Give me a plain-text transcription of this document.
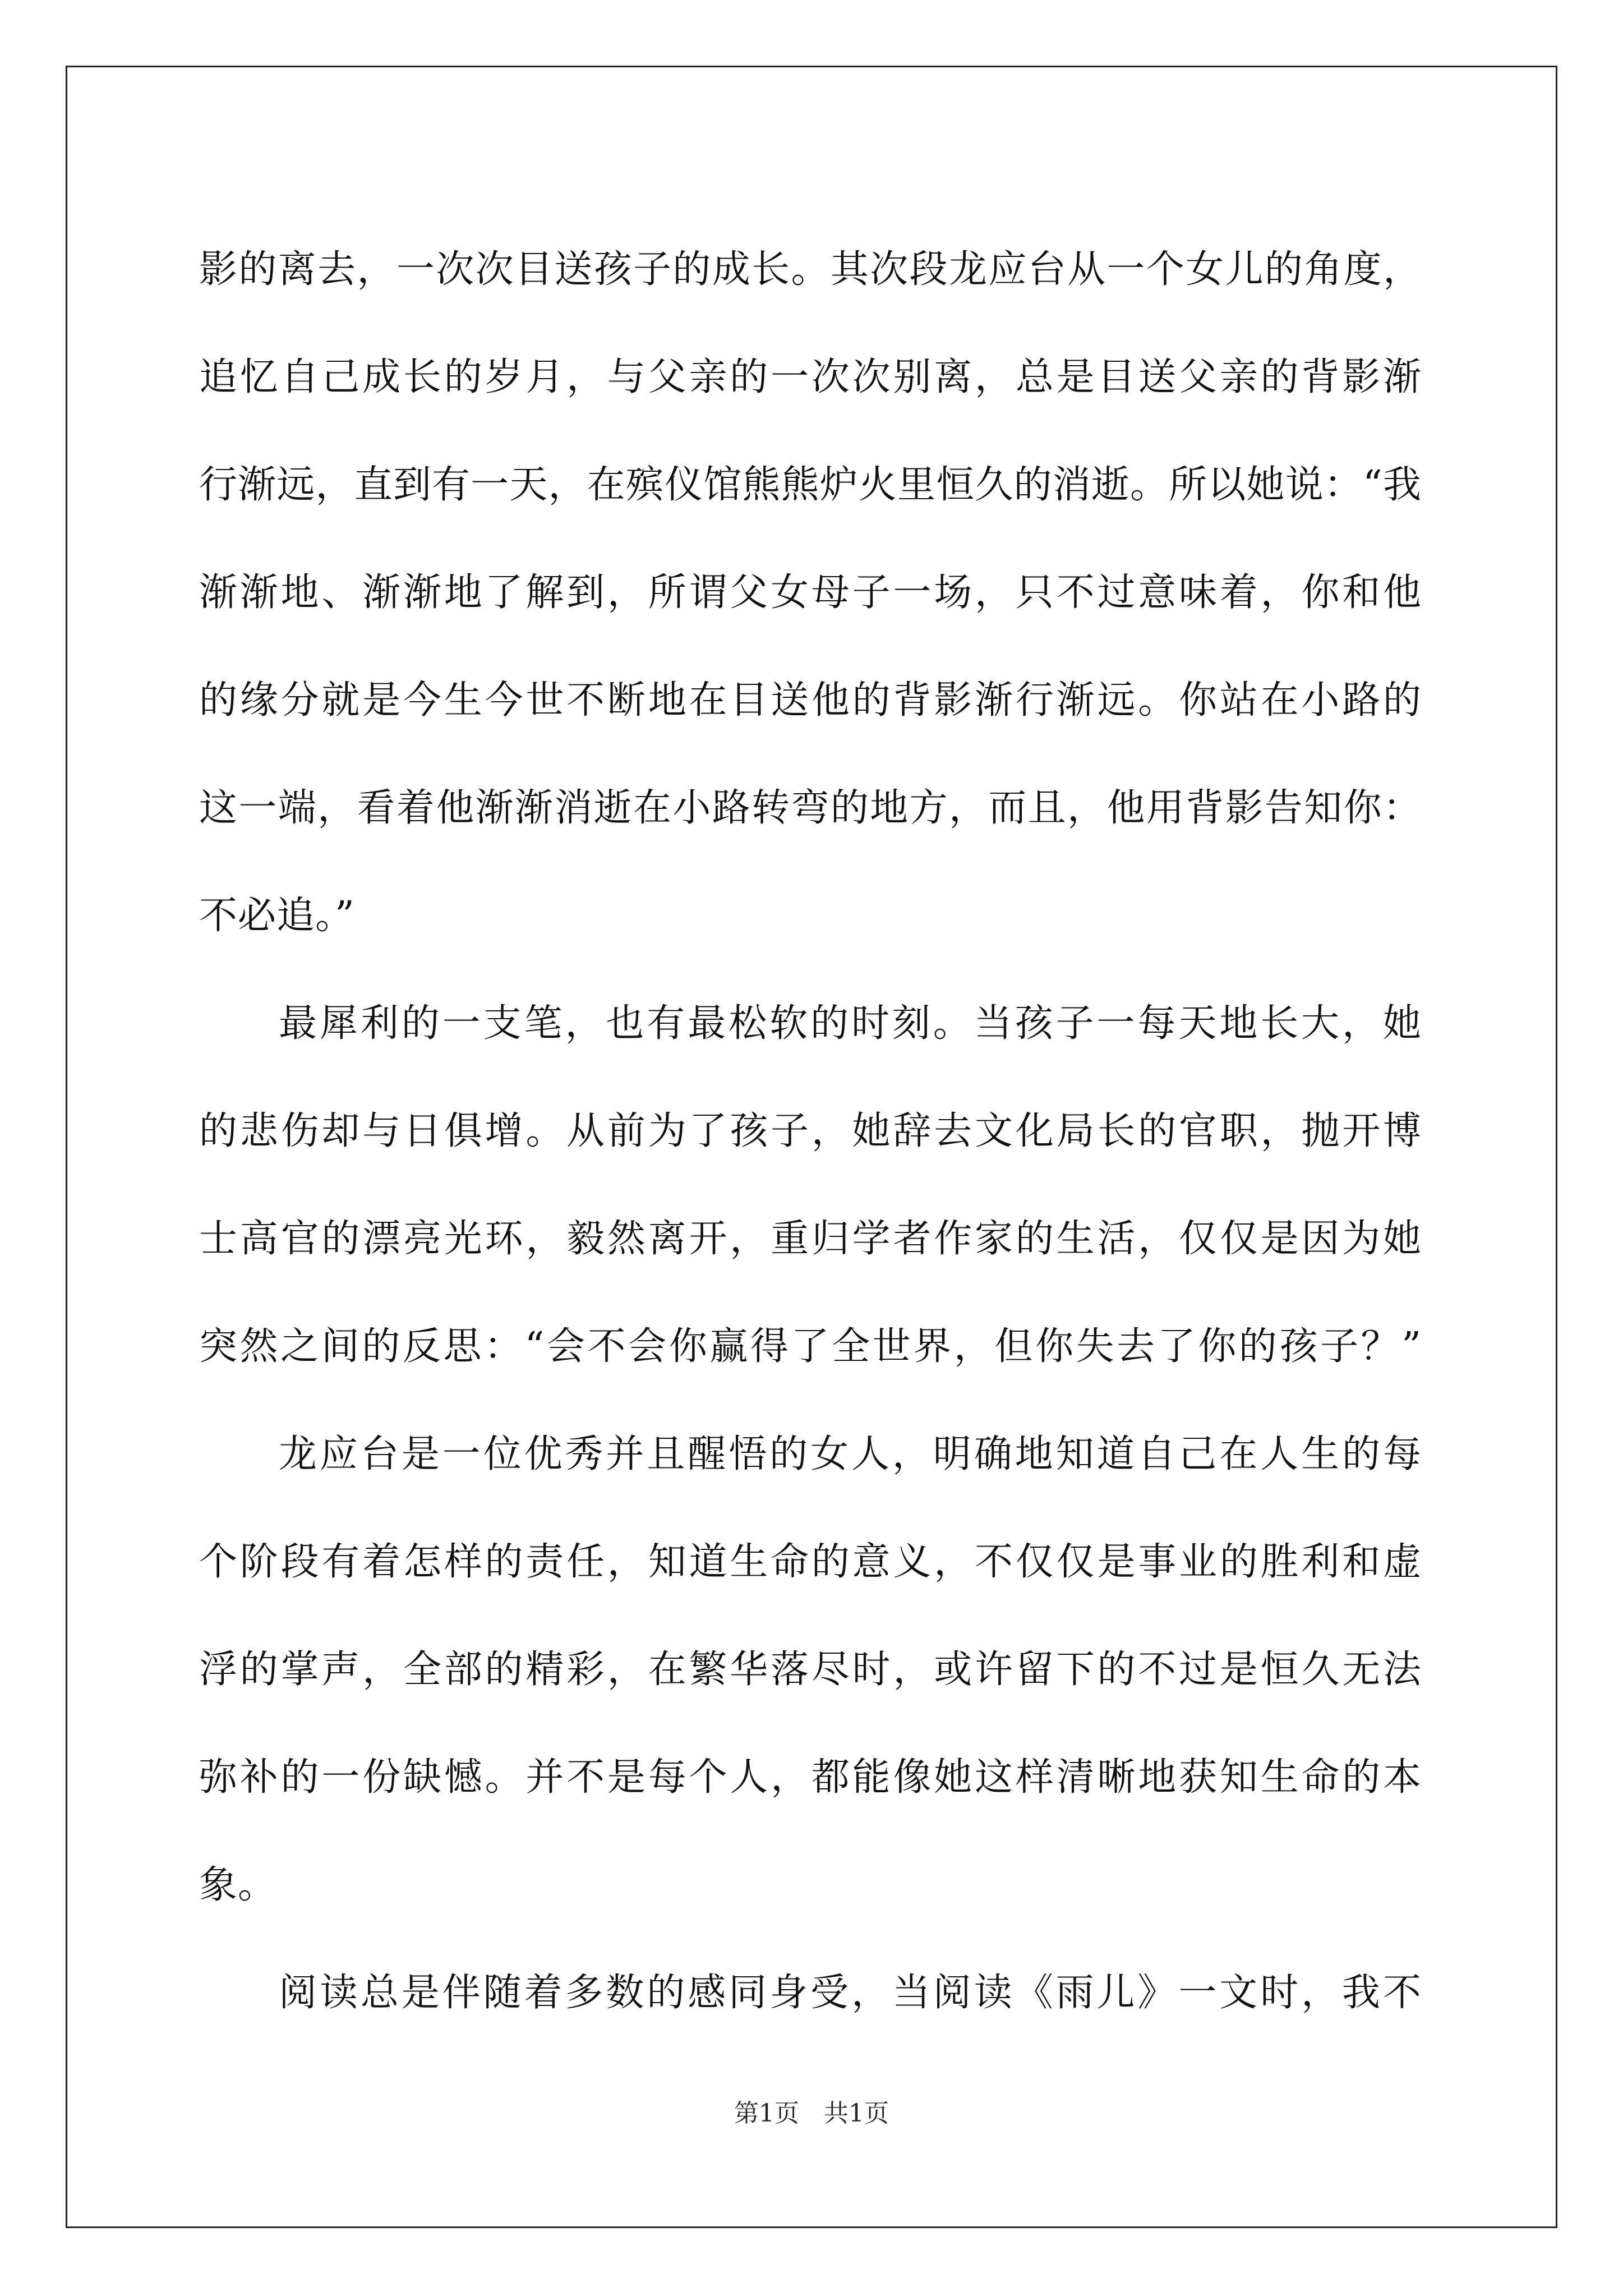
影的离去，一次次目送孩子的成长。其次段龙应台从一个女儿的角度，
追忆自己成长的岁月，与父亲的一次次别离，总是目送父亲的背影渐
行渐远，直到有一天，在殡仪馆熊熊炉火里恒久的消逝。所以她说：“我
渐渐地、渐渐地了解到，所谓父女母子一场，只不过意味着，你和他
的缘分就是今生今世不断地在目送他的背影渐行渐远。你站在小路的
这一端，看着他渐渐消逝在小路转弯的地方，而且，他用背影告知你：
不必追。”
最犀利的一支笔，也有最松软的时刻。当孩子一每天地长大，她
的悲伤却与日俱增。从前为了孩子，她辞去文化局长的官职，抛开博
士高官的漂亮光环，毅然离开，重归学者作家的生活，仅仅是因为她
突然之间的反思：“会不会你赢得了全世界，但你失去了你的孩子？”
龙应台是一位优秀并且醒悟的女人，明确地知道自己在人生的每
个阶段有着怎样的责任，知道生命的意义，不仅仅是事业的胜利和虚
浮的掌声，全部的精彩，在繁华落尽时，或许留下的不过是恒久无法
弥补的一份缺憾。并不是每个人，都能像她这样清晰地获知生命的本
象。
阅读总是伴随着多数的感同身受，当阅读《雨儿》一文时，我不
第1页　共1页
